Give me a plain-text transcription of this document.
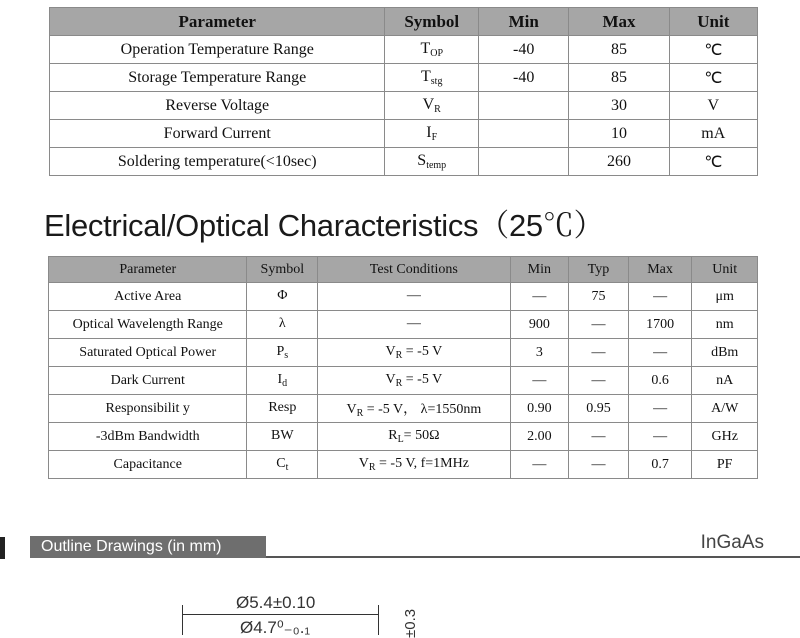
Parameter	Symbol	Min	Max	Unit
Operation Temperature Range	$T_{OP}$	-40	85	℃
Storage Temperature Range	$T_{stg}$	-40	85	℃
Reverse Voltage	$V_R$		30	V
Forward Current	$I_F$		10	mA
Soldering temperature(<10sec)	$S_{temp}$		260	℃
Electrical/Optical Characteristics（25℃）
Parameter	Symbol	Test Conditions	Min	Typ	Max	Unit
Active Area	Φ	—	—	75	—	μm
Optical Wavelength Range	λ	—	900	—	1700	nm
Saturated Optical Power	$P_s$	$V_R = -5$ V	3	—	—	dBm
Dark Current	$I_d$	$V_R = -5$ V	—	—	0.6	nA
Responsibilit y	Resp	$V_R = -5$ V， λ=1550nm	0.90	0.95	—	A/W
-3dBm Bandwidth	BW	$R_L= 50\Omega$	2.00	—	—	GHz
Capacitance	$C_t$	$V_R = -5$ V, f=1MHz	—	—	0.7	PF
Outline Drawings (in mm)	InGaAs
Ø5.4±0.10
Ø4.7⁰₋₀.₁	±0.3
